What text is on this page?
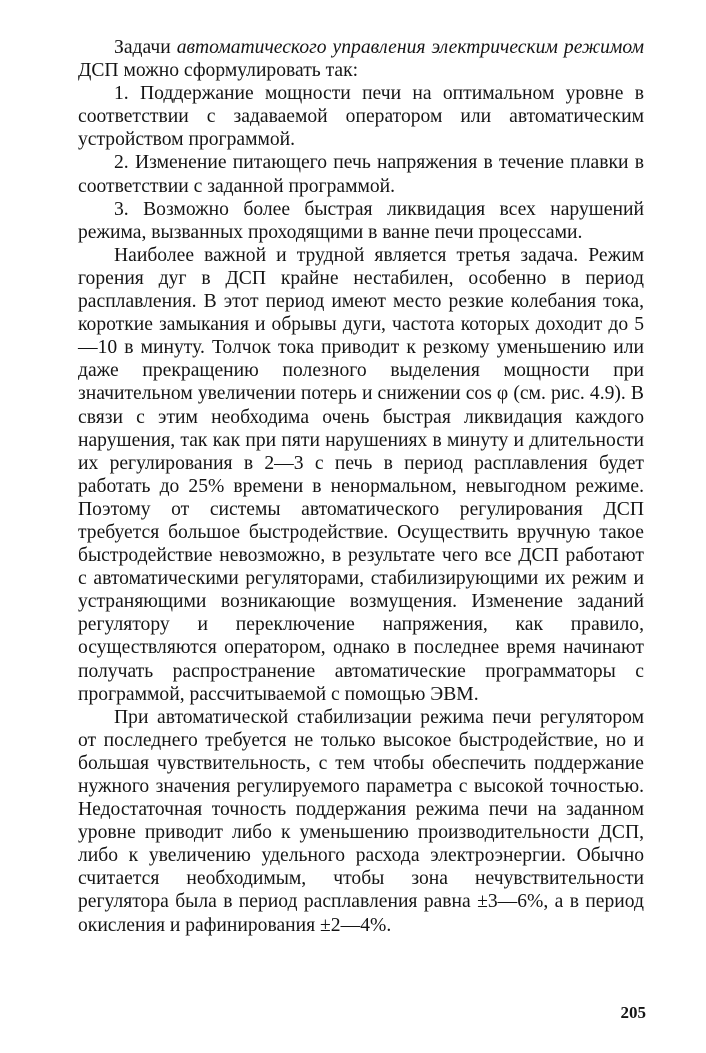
Задачи автоматического управления электрическим режимом ДСП можно сформулировать так:

1. Поддержание мощности печи на оптимальном уровне в соответствии с задаваемой оператором или автоматическим устройством программой.

2. Изменение питающего печь напряжения в течение плавки в соответствии с заданной программой.

3. Возможно более быстрая ликвидация всех нарушений режима, вызванных проходящими в ванне печи процессами.

Наиболее важной и трудной является третья задача. Режим горения дуг в ДСП крайне нестабилен, особенно в период расплавления. В этот период имеют место резкие колебания тока, короткие замыкания и обрывы дуги, частота которых доходит до 5—10 в минуту. Толчок тока приводит к резкому уменьшению или даже прекращению полезного выделения мощности при значительном увеличении потерь и снижении cos φ (см. рис. 4.9). В связи с этим необходима очень быстрая ликвидация каждого нарушения, так как при пяти нарушениях в минуту и длительности их регулирования в 2—3 с печь в период расплавления будет работать до 25% времени в ненормальном, невыгодном режиме. Поэтому от системы автоматического регулирования ДСП требуется большое быстродействие. Осуществить вручную такое быстродействие невозможно, в результате чего все ДСП работают с автоматическими регуляторами, стабилизирующими их режим и устраняющими возникающие возмущения. Изменение заданий регулятору и переключение напряжения, как правило, осуществляются оператором, однако в последнее время начинают получать распространение автоматические программаторы с программой, рассчитываемой с помощью ЭВМ.

При автоматической стабилизации режима печи регулятором от последнего требуется не только высокое быстродействие, но и большая чувствительность, с тем чтобы обеспечить поддержание нужного значения регулируемого параметра с высокой точностью. Недостаточная точность поддержания режима печи на заданном уровне приводит либо к уменьшению производительности ДСП, либо к увеличению удельного расхода электроэнергии. Обычно считается необходимым, чтобы зона нечувствительности регулятора была в период расплавления равна ±3—6%, а в период окисления и рафинирования ±2—4%.

205
